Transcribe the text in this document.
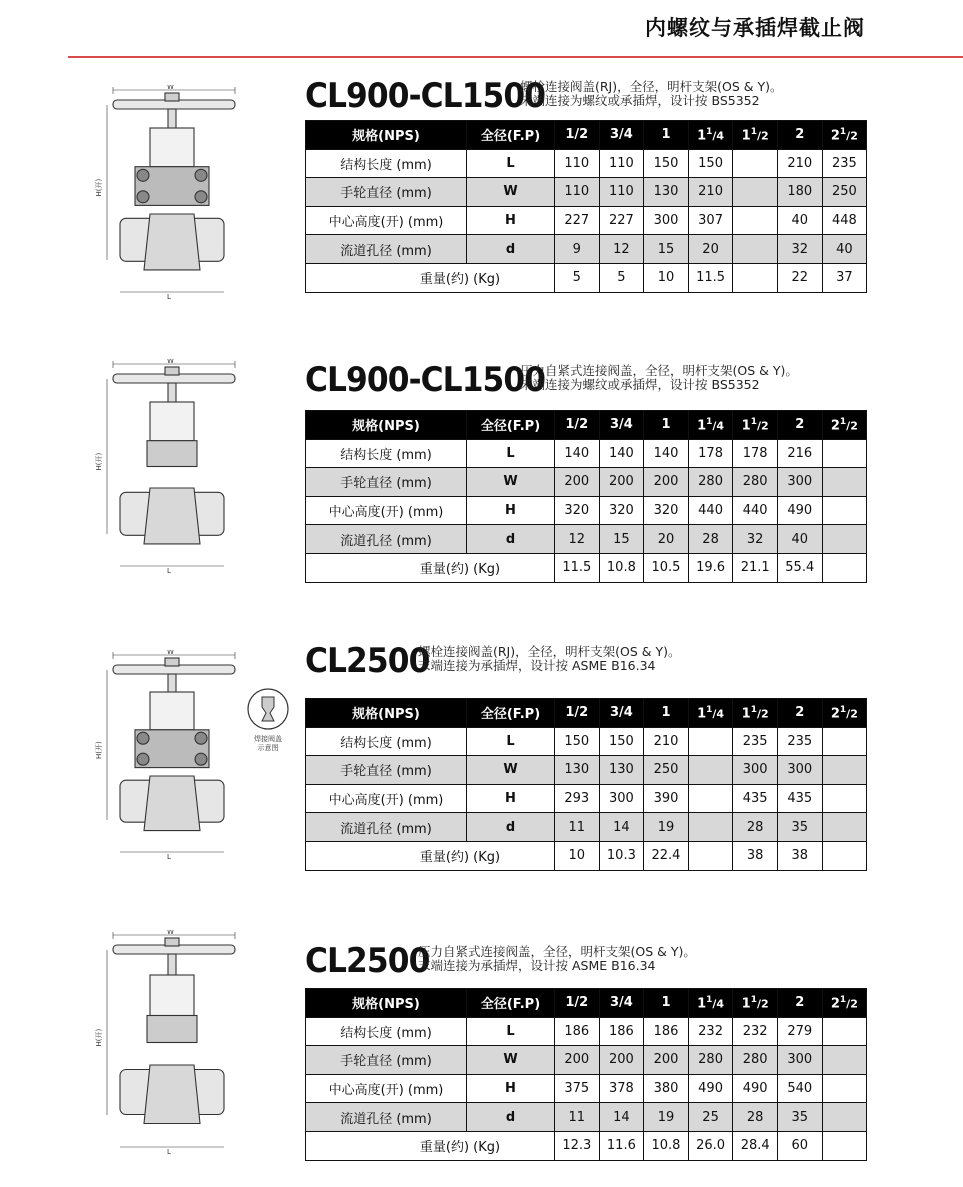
内螺纹与承插焊截止阀
W
H(开)
L
CL900-CL1500
螺栓连接阀盖(RJ)，全径，明杆支架(OS & Y)。
末端连接为螺纹或承插焊，设计按 BS5352
规格(NPS)	全径(F.P)	1/2	3/4	1	$1^1/4$	$1^1/2$	2	$2^1/2$
结构长度 (mm)	L	110	110	150	150		210	235
手轮直径 (mm)	W	110	110	130	210		180	250
中心高度(开) (mm)	H	227	227	300	307		40	448
流道孔径 (mm)	d	9	12	15	20		32	40
重量(约) (Kg)		5	5	10	11.5		22	37
W
H(开)
L
CL900-CL1500
压力自紧式连接阀盖，全径，明杆支架(OS & Y)。
末端连接为螺纹或承插焊，设计按 BS5352
规格(NPS)	全径(F.P)	1/2	3/4	1	$1^1/4$	$1^1/2$	2	$2^1/2$
结构长度 (mm)	L	140	140	140	178	178	216	
手轮直径 (mm)	W	200	200	200	280	280	300	
中心高度(开) (mm)	H	320	320	320	440	440	490	
流道孔径 (mm)	d	12	15	20	28	32	40	
重量(约) (Kg)		11.5	10.8	10.5	19.6	21.1	55.4	
W
H(开)
L
CL2500
螺栓连接阀盖(RJ)，全径，明杆支架(OS & Y)。
末端连接为承插焊，设计按 ASME B16.34
焊接阀盖
示意图
规格(NPS)	全径(F.P)	1/2	3/4	1	$1^1/4$	$1^1/2$	2	$2^1/2$
结构长度 (mm)	L	150	150	210		235	235	
手轮直径 (mm)	W	130	130	250		300	300	
中心高度(开) (mm)	H	293	300	390		435	435	
流道孔径 (mm)	d	11	14	19		28	35	
重量(约) (Kg)		10	10.3	22.4		38	38	
W
H(开)
L
CL2500
压力自紧式连接阀盖，全径，明杆支架(OS & Y)。
末端连接为承插焊，设计按 ASME B16.34
规格(NPS)	全径(F.P)	1/2	3/4	1	$1^1/4$	$1^1/2$	2	$2^1/2$
结构长度 (mm)	L	186	186	186	232	232	279	
手轮直径 (mm)	W	200	200	200	280	280	300	
中心高度(开) (mm)	H	375	378	380	490	490	540	
流道孔径 (mm)	d	11	14	19	25	28	35	
重量(约) (Kg)		12.3	11.6	10.8	26.0	28.4	60	
